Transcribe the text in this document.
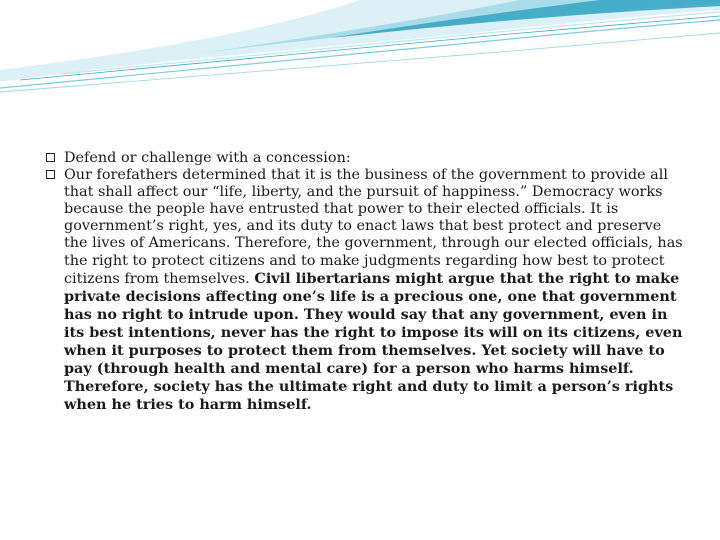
Defend or challenge with a concession:
Our forefathers determined that it is the business of the government to provide all that shall affect our “life, liberty, and the pursuit of happiness.” Democracy works because the people have entrusted that power to their elected officials. It is government’s right, yes, and its duty to enact laws that best protect and preserve the lives of Americans. Therefore, the government, through our elected officials, has the right to protect citizens and to make judgments regarding how best to protect citizens from themselves. Civil libertarians might argue that the right to make private decisions affecting one’s life is a precious one, one that government has no right to intrude upon. They would say that any government, even in its best intentions, never has the right to impose its will on its citizens, even when it purposes to protect them from themselves. Yet society will have to pay (through health and mental care) for a person who harms himself. Therefore, society has the ultimate right and duty to limit a person’s rights when he tries to harm himself.
